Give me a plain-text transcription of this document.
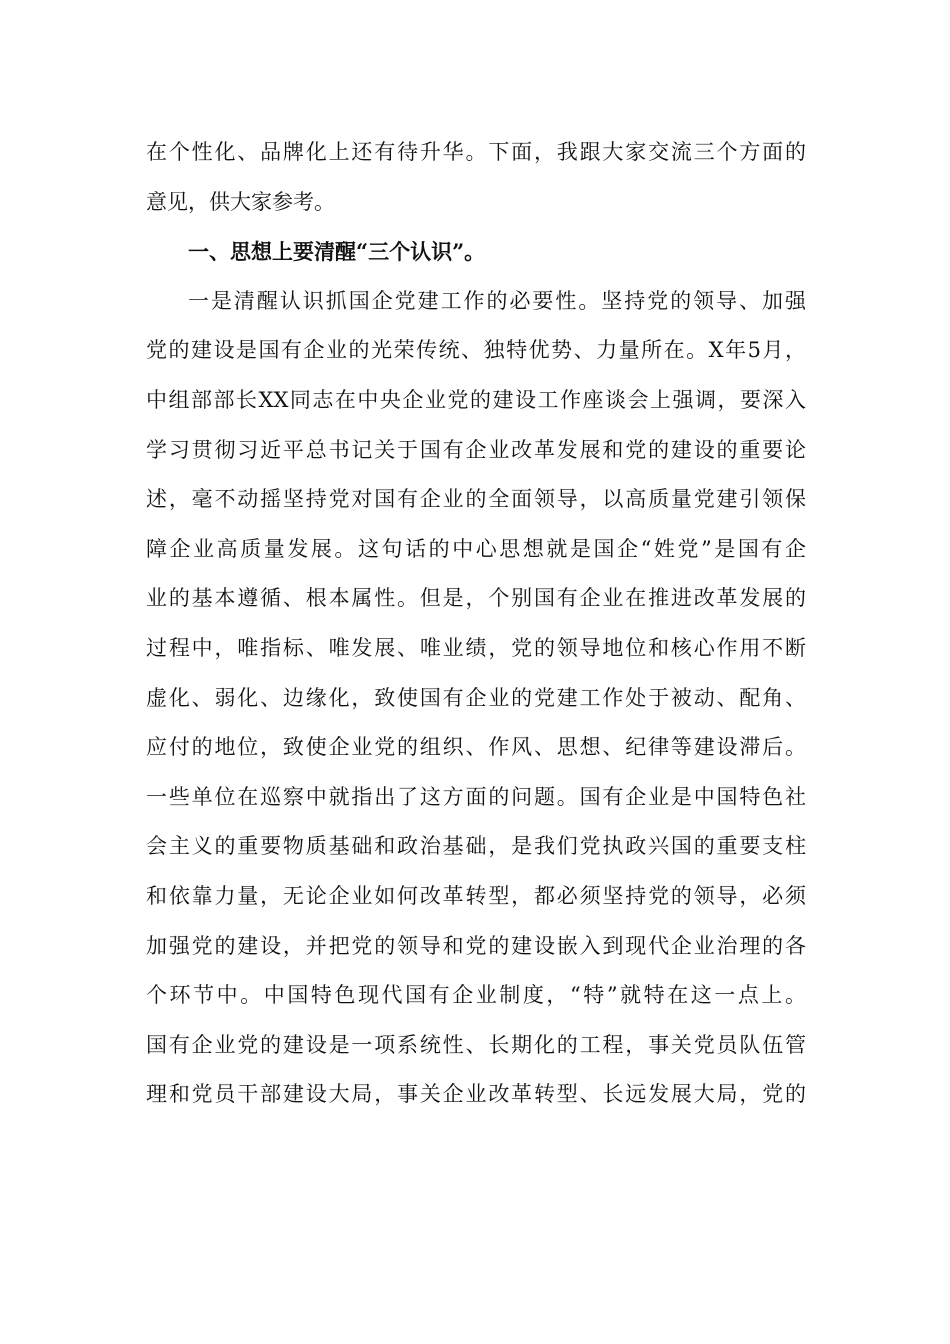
在个性化、品牌化上还有待升华。下面，我跟大家交流三个方面的
意见，供大家参考。
一、思想上要清醒“三个认识”。
一是清醒认识抓国企党建工作的必要性。坚持党的领导、加强
党的建设是国有企业的光荣传统、独特优势、力量所在。X年5月，
中组部部长XX同志在中央企业党的建设工作座谈会上强调，要深入
学习贯彻习近平总书记关于国有企业改革发展和党的建设的重要论
述，毫不动摇坚持党对国有企业的全面领导，以高质量党建引领保
障企业高质量发展。这句话的中心思想就是国企“姓党”是国有企
业的基本遵循、根本属性。但是，个别国有企业在推进改革发展的
过程中，唯指标、唯发展、唯业绩，党的领导地位和核心作用不断
虚化、弱化、边缘化，致使国有企业的党建工作处于被动、配角、
应付的地位，致使企业党的组织、作风、思想、纪律等建设滞后。
一些单位在巡察中就指出了这方面的问题。国有企业是中国特色社
会主义的重要物质基础和政治基础，是我们党执政兴国的重要支柱
和依靠力量，无论企业如何改革转型，都必须坚持党的领导，必须
加强党的建设，并把党的领导和党的建设嵌入到现代企业治理的各
个环节中。中国特色现代国有企业制度，“特”就特在这一点上。
国有企业党的建设是一项系统性、长期化的工程，事关党员队伍管
理和党员干部建设大局，事关企业改革转型、长远发展大局，党的
